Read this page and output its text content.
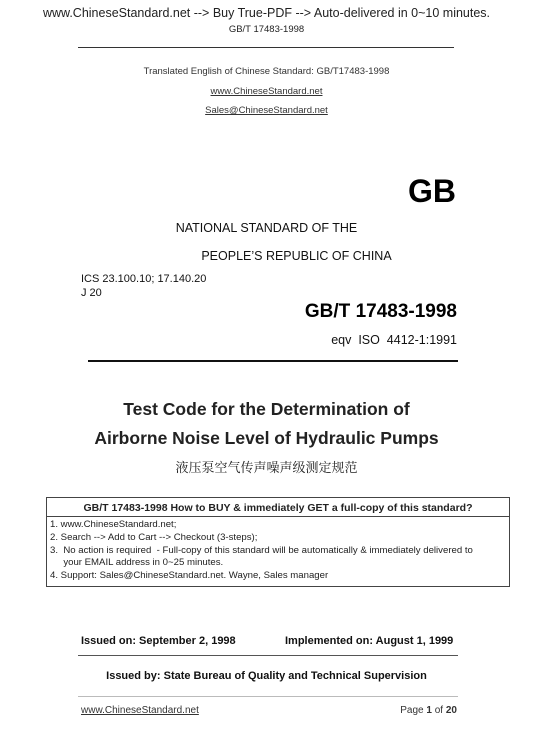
www.ChineseStandard.net --> Buy True-PDF --> Auto-delivered in 0~10 minutes.
GB/T 17483-1998
Translated English of Chinese Standard: GB/T17483-1998
www.ChineseStandard.net
Sales@ChineseStandard.net
GB
NATIONAL STANDARD OF THE
PEOPLE’S REPUBLIC OF CHINA
ICS 23.100.10; 17.140.20
J 20
GB/T 17483-1998
eqv  ISO  4412-1:1991
Test Code for the Determination of
Airborne Noise Level of Hydraulic Pumps
液压泵空气传声噪声级测定规范
GB/T 17483-1998 How to BUY & immediately GET a full-copy of this standard?
1. www.ChineseStandard.net;
2. Search --> Add to Cart --> Checkout (3-steps);
3.  No action is required  - Full-copy of this standard will be automatically & immediately delivered to
your EMAIL address in 0~25 minutes.
4. Support: Sales@ChineseStandard.net. Wayne, Sales manager
Issued on: September 2, 1998	Implemented on: August 1, 1999
Issued by: State Bureau of Quality and Technical Supervision
www.ChineseStandard.net	Page 1 of 20
